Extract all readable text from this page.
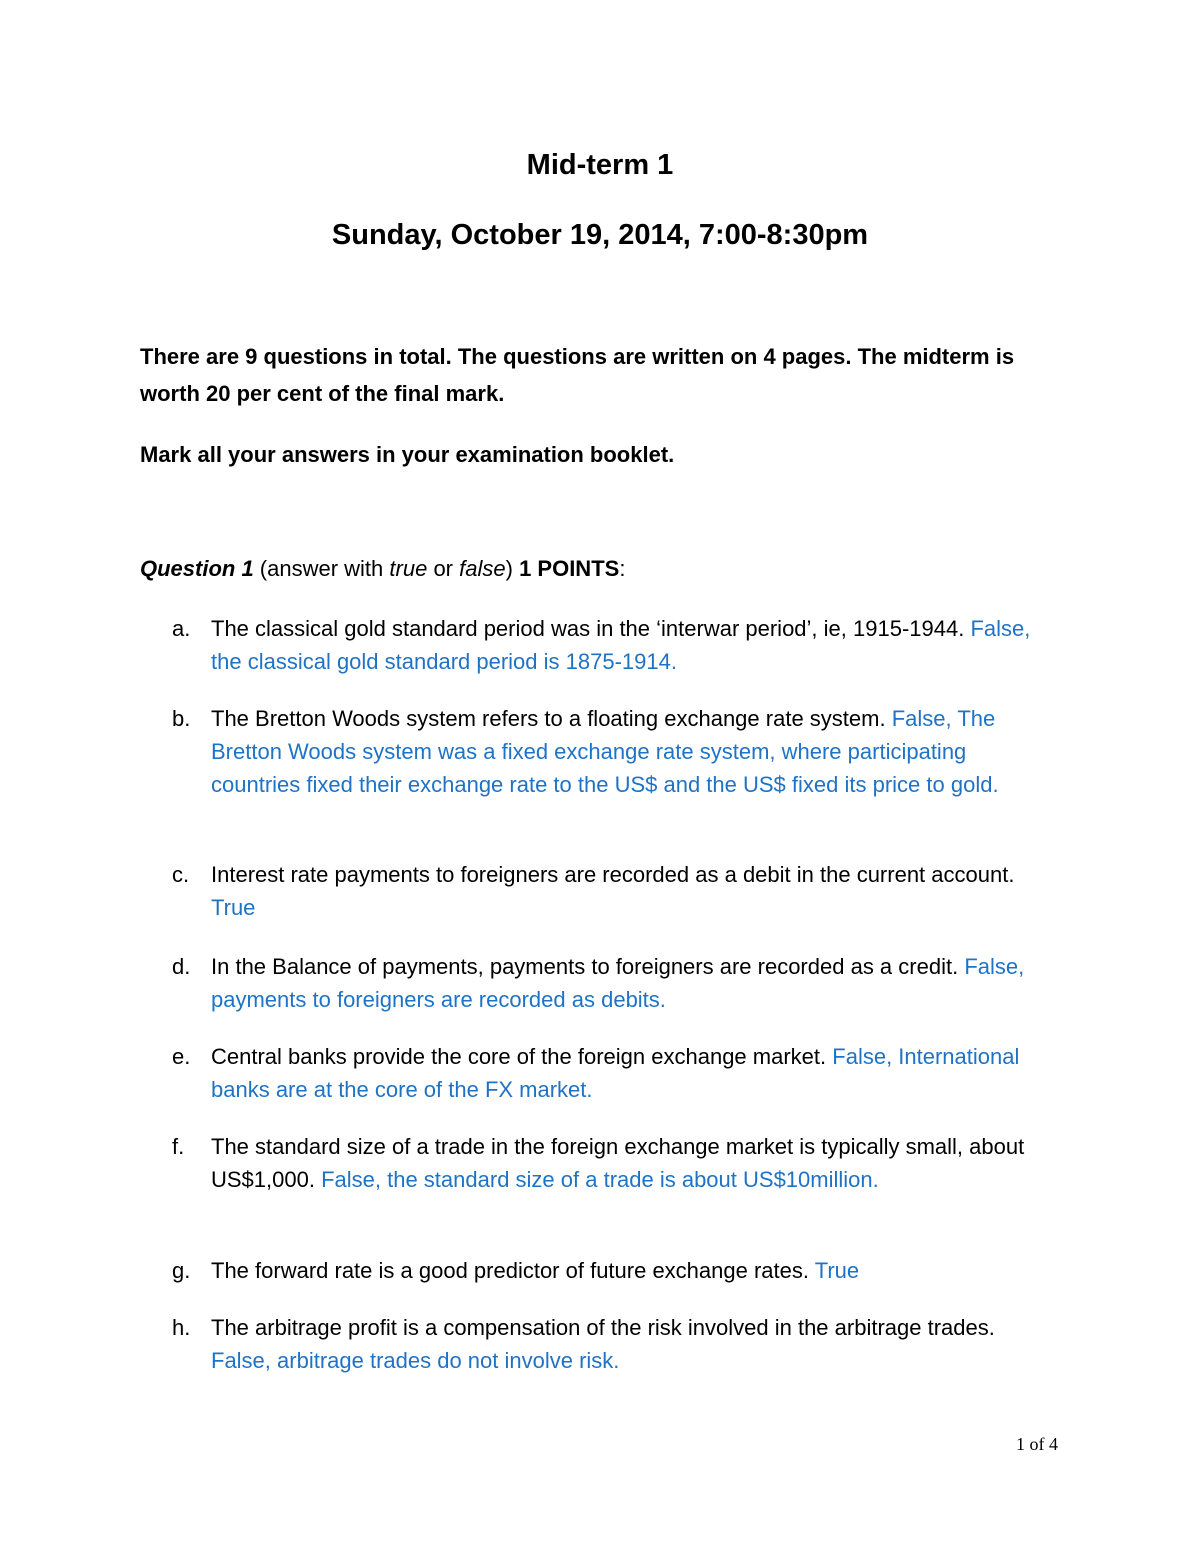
Mid-term 1
Sunday, October 19, 2014, 7:00-8:30pm
There are 9 questions in total. The questions are written on 4 pages. The midterm is worth 20 per cent of the final mark.
Mark all your answers in your examination booklet.
Question 1 (answer with true or false) 1 POINTS:
a. The classical gold standard period was in the ‘interwar period’, ie, 1915-1944. False, the classical gold standard period is 1875-1914.
b. The Bretton Woods system refers to a floating exchange rate system. False, The Bretton Woods system was a fixed exchange rate system, where participating countries fixed their exchange rate to the US$ and the US$ fixed its price to gold.
c. Interest rate payments to foreigners are recorded as a debit in the current account. True
d. In the Balance of payments, payments to foreigners are recorded as a credit. False, payments to foreigners are recorded as debits.
e. Central banks provide the core of the foreign exchange market. False, International banks are at the core of the FX market.
f.	The standard size of a trade in the foreign exchange market is typically small, about US$1,000. False, the standard size of a trade is about US$10million.
g. The forward rate is a good predictor of future exchange rates. True
h. The arbitrage profit is a compensation of the risk involved in the arbitrage trades. False, arbitrage trades do not involve risk.
1 of 4
